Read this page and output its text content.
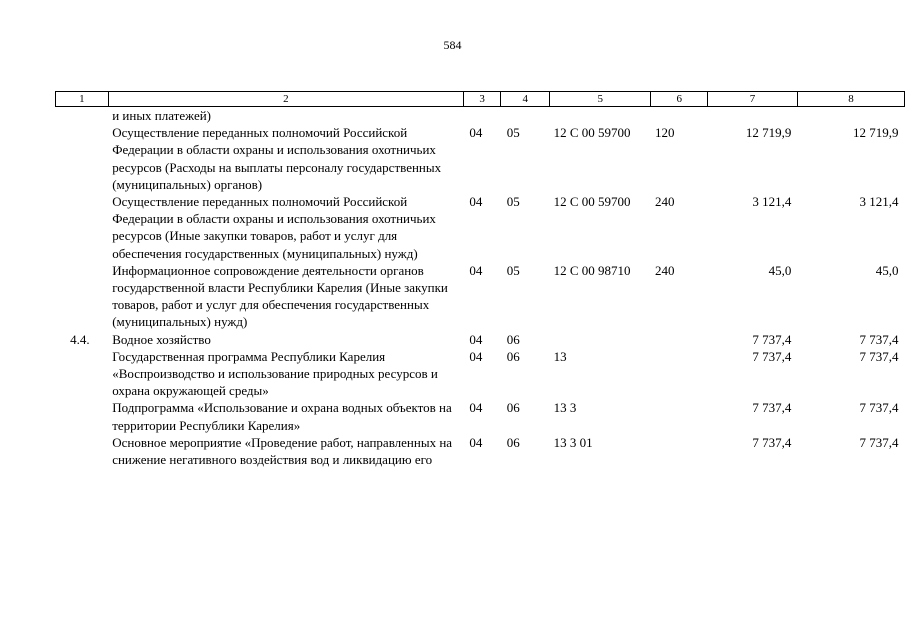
584
1	2	3	4	5	6	7	8
	и иных платежей)						
	Осуществление переданных полномочий Российской Федерации в области охраны и использования охотничьих ресурсов (Расходы на выплаты персоналу государственных (муниципальных) органов)	04	05	12 С 00 59700	120	12 719,9	12 719,9
	Осуществление переданных полномочий Российской Федерации в области охраны и использования охотничьих ресурсов (Иные закупки товаров, работ и услуг для обеспечения государственных (муниципальных) нужд)	04	05	12 С 00 59700	240	3 121,4	3 121,4
	Информационное сопровождение деятельности органов государственной власти Республики Карелия (Иные закупки товаров, работ и услуг для обеспечения государственных (муниципальных) нужд)	04	05	12 С 00 98710	240	45,0	45,0
4.4.	Водное хозяйство	04	06			7 737,4	7 737,4
	Государственная программа Республики Карелия «Воспроизводство и использование природных ресурсов и охрана окружающей среды»	04	06	13		7 737,4	7 737,4
	Подпрограмма «Использование и охрана водных объектов на территории Республики Карелия»	04	06	13 3		7 737,4	7 737,4
	Основное мероприятие «Проведение работ, направленных на снижение негативного воздействия вод и ликвидацию его	04	06	13 3 01		7 737,4	7 737,4
